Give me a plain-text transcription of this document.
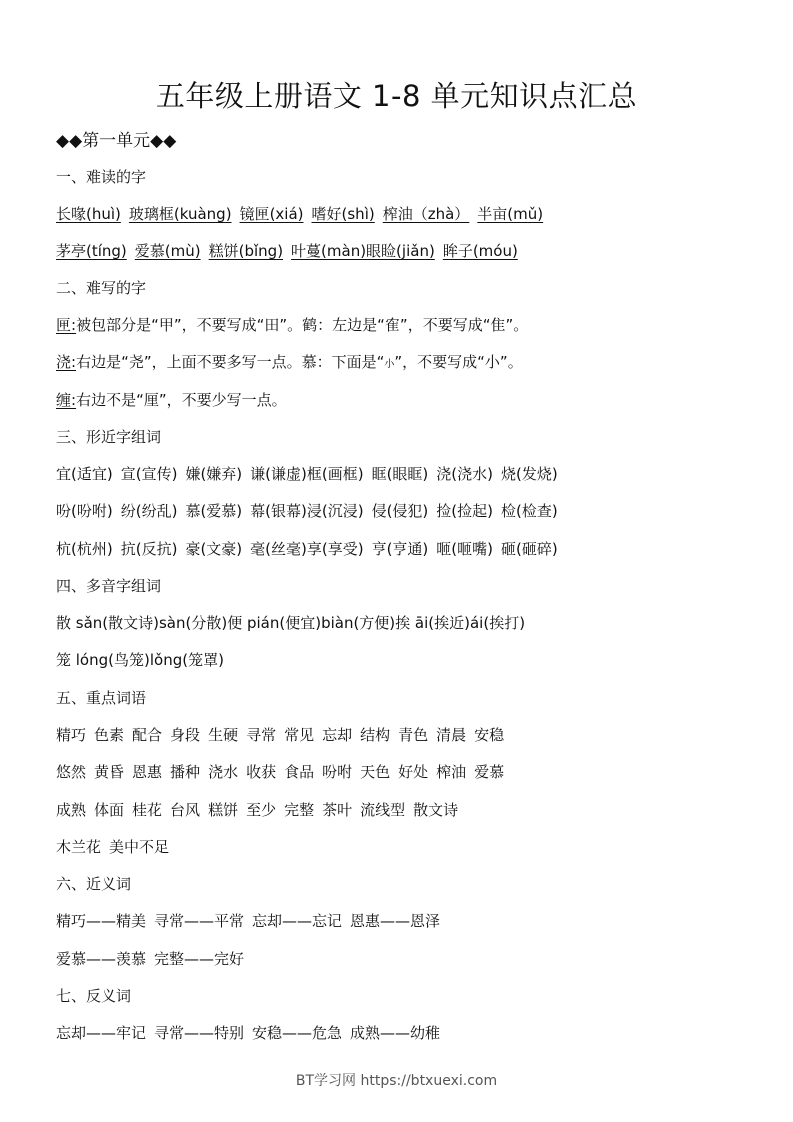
五年级上册语文 1-8 单元知识点汇总
◆◆第一单元◆◆
一、难读的字
长喙(huì) 玻璃框(kuàng) 镜匣(xiá) 嗜好(shì) 榨油（zhà） 半亩(mǔ)
茅亭(tíng) 爱慕(mù) 糕饼(bǐng) 叶蔓(màn)眼睑(jiǎn) 眸子(móu)
二、难写的字
匣:被包部分是“甲”，不要写成“田”。鹤：左边是“隺”，不要写成“隹”。
浇:右边是“尧”，上面不要多写一点。慕：下面是“小”，不要写成“小”。
缠:右边不是“厘”，不要少写一点。
三、形近字组词
宜(适宜) 宣(宣传) 嫌(嫌弃) 谦(谦虚)框(画框) 眶(眼眶) 浇(浇水) 烧(发烧)
吩(吩咐) 纷(纷乱) 慕(爱慕) 幕(银幕)浸(沉浸) 侵(侵犯) 捡(捡起) 检(检查)
杭(杭州) 抗(反抗) 豪(文豪) 毫(丝毫)享(享受) 亨(亨通) 咂(咂嘴) 砸(砸碎)
四、多音字组词
散 sǎn(散文诗)sàn(分散)便 pián(便宜)biàn(方便)挨 āi(挨近)ái(挨打)
笼 lóng(鸟笼)lǒng(笼罩)
五、重点词语
精巧 色素 配合 身段 生硬 寻常 常见 忘却 结构 青色 清晨 安稳
悠然 黄昏 恩惠 播种 浇水 收获 食品 吩咐 天色 好处 榨油 爱慕
成熟 体面 桂花 台风 糕饼 至少 完整 茶叶 流线型 散文诗
木兰花 美中不足
六、近义词
精巧——精美 寻常——平常 忘却——忘记 恩惠——恩泽
爱慕——羡慕 完整——完好
七、反义词
忘却——牢记 寻常——特别 安稳——危急 成熟——幼稚
BT学习网 https://btxuexi.com
